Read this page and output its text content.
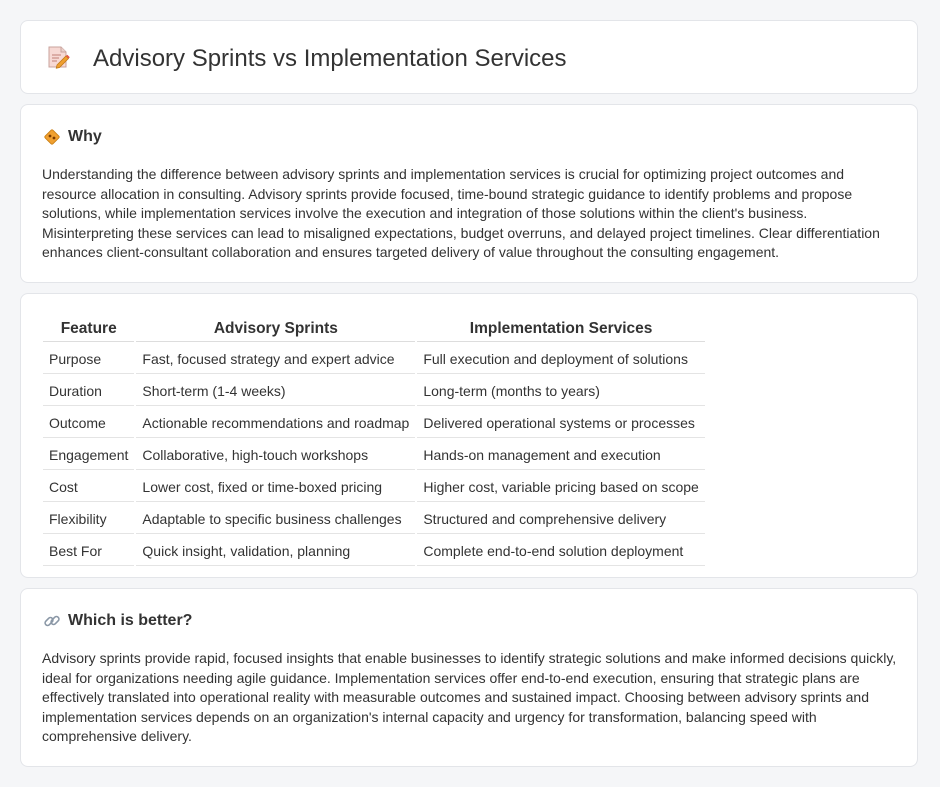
Advisory Sprints vs Implementation Services
Why

Understanding the difference between advisory sprints and implementation services is crucial for optimizing project outcomes and resource allocation in consulting. Advisory sprints provide focused, time-bound strategic guidance to identify problems and propose solutions, while implementation services involve the execution and integration of those solutions within the client's business. Misinterpreting these services can lead to misaligned expectations, budget overruns, and delayed project timelines. Clear differentiation enhances client-consultant collaboration and ensures targeted delivery of value throughout the consulting engagement.

Feature	Advisory Sprints	Implementation Services
Purpose	Fast, focused strategy and expert advice	Full execution and deployment of solutions
Duration	Short-term (1-4 weeks)	Long-term (months to years)
Outcome	Actionable recommendations and roadmap	Delivered operational systems or processes
Engagement	Collaborative, high-touch workshops	Hands-on management and execution
Cost	Lower cost, fixed or time-boxed pricing	Higher cost, variable pricing based on scope
Flexibility	Adaptable to specific business challenges	Structured and comprehensive delivery
Best For	Quick insight, validation, planning	Complete end-to-end solution deployment
Which is better?

Advisory sprints provide rapid, focused insights that enable businesses to identify strategic solutions and make informed decisions quickly, ideal for organizations needing agile guidance. Implementation services offer end-to-end execution, ensuring that strategic plans are effectively translated into operational reality with measurable outcomes and sustained impact. Choosing between advisory sprints and implementation services depends on an organization's internal capacity and urgency for transformation, balancing speed with comprehensive delivery.
